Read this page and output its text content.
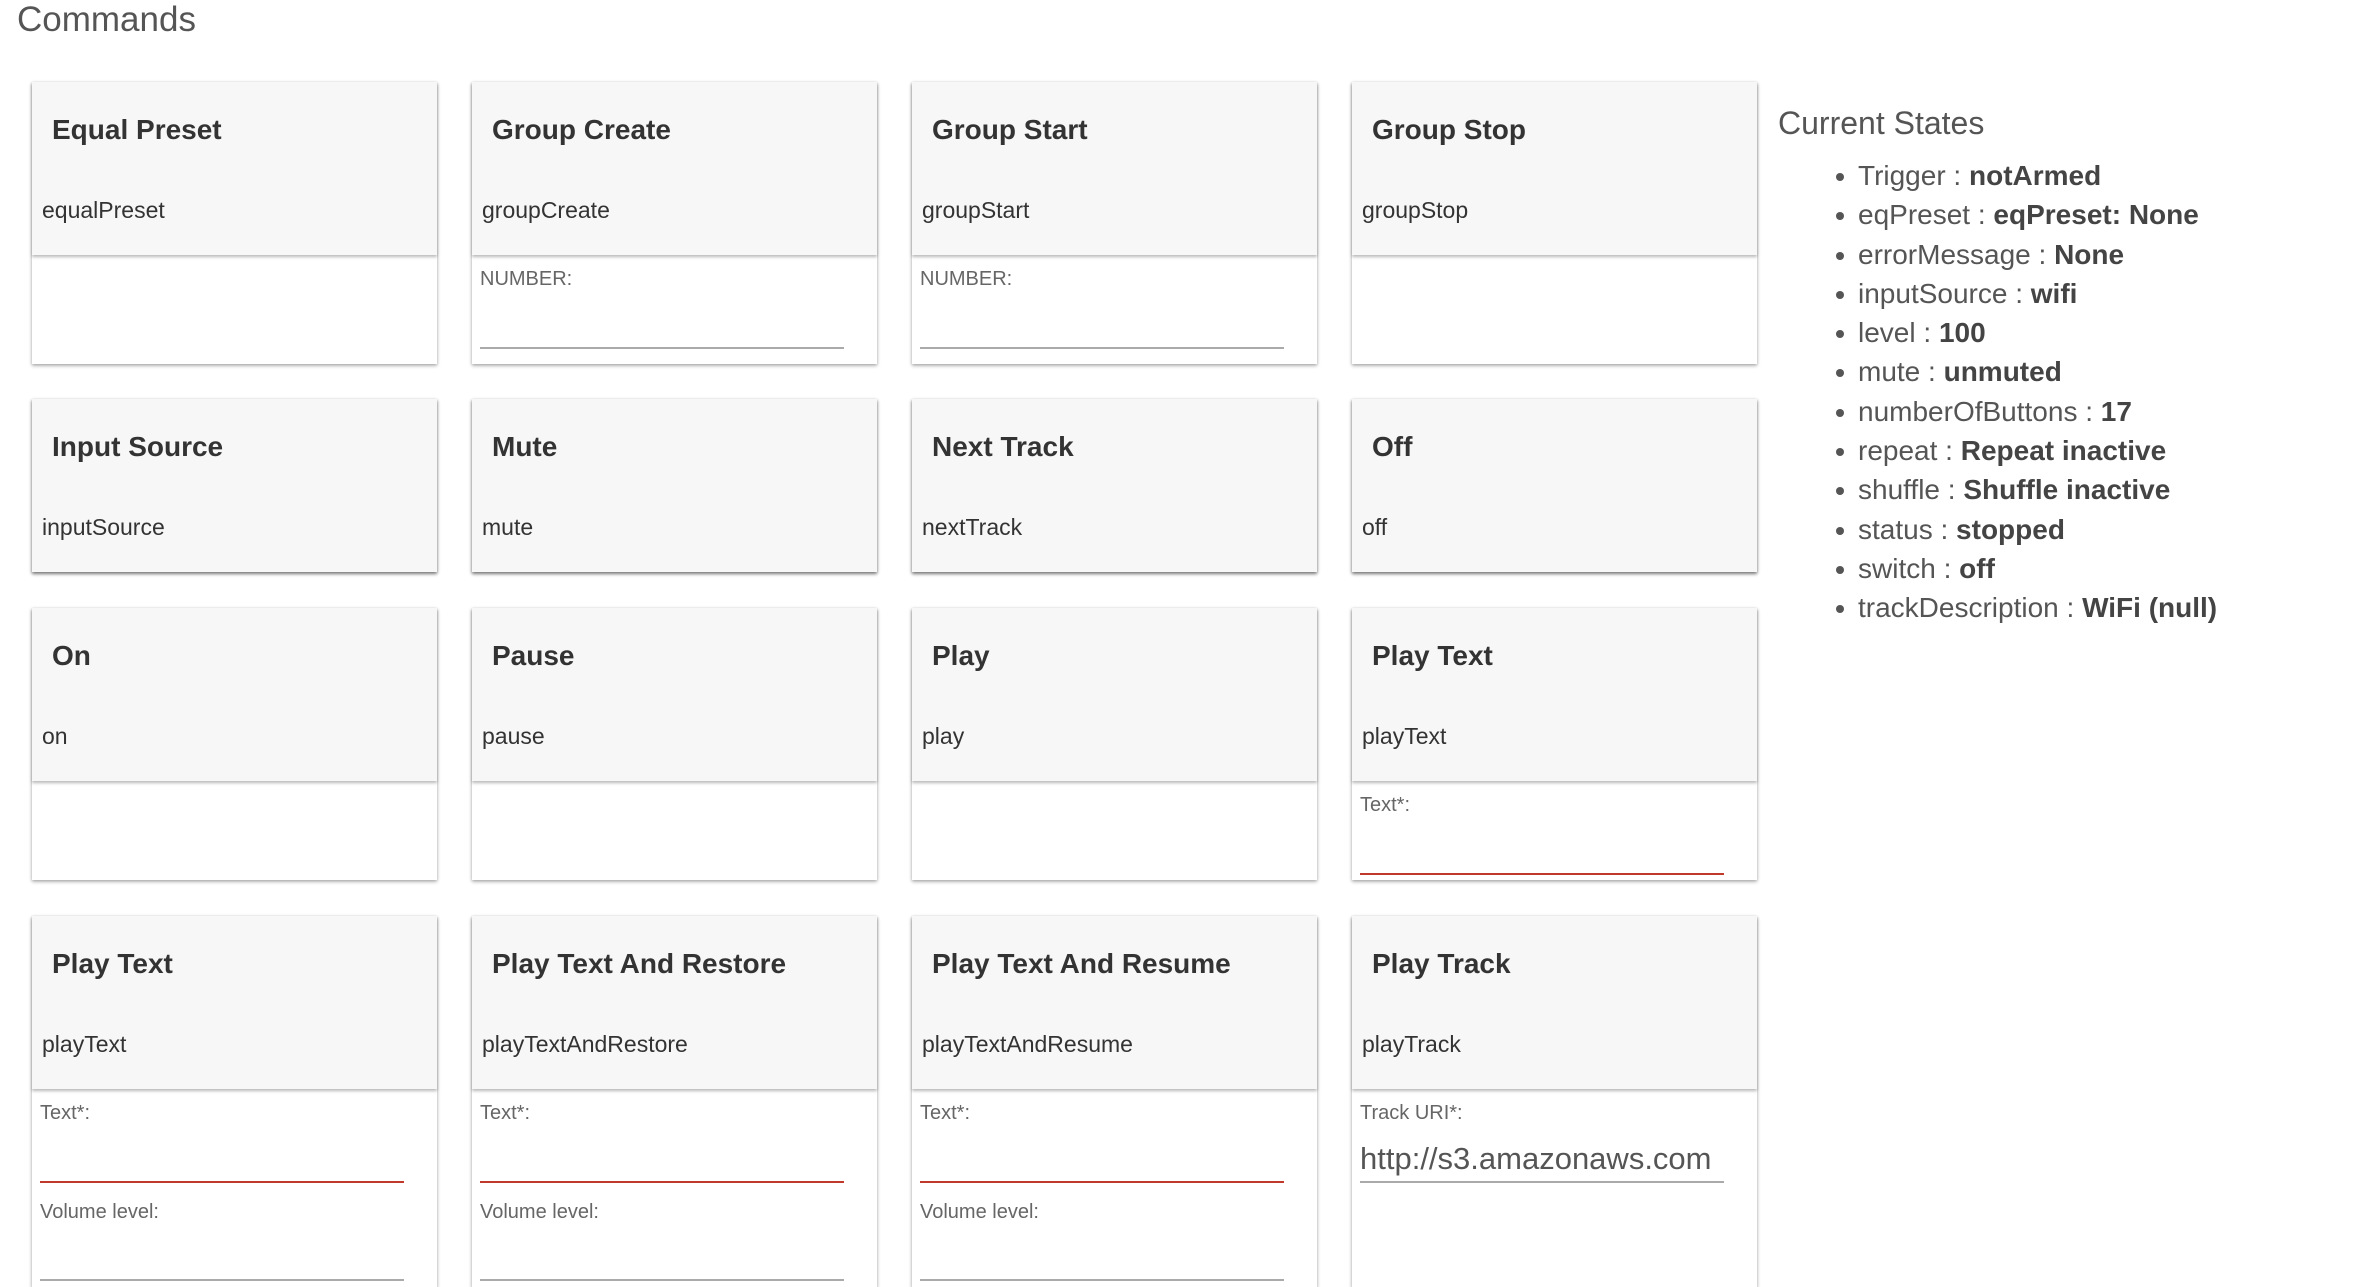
Commands
Equal Preset
equalPreset
Group Create
groupCreate
NUMBER:
Group Start
groupStart
NUMBER:
Group Stop
groupStop
Input Source
inputSource
Mute
mute
Next Track
nextTrack
Off
off
On
on
Pause
pause
Play
play
Play Text
playText
Text*:
Play Text
playText
Text*:
Volume level:
Play Text And Restore
playTextAndRestore
Text*:
Volume level:
Play Text And Resume
playTextAndResume
Text*:
Volume level:
Play Track
playTrack
Track URI*:
http://s3.amazonaws.com
Current States
Trigger : notArmed
eqPreset : eqPreset: None
errorMessage : None
inputSource : wifi
level : 100
mute : unmuted
numberOfButtons : 17
repeat : Repeat inactive
shuffle : Shuffle inactive
status : stopped
switch : off
trackDescription : WiFi (null)
